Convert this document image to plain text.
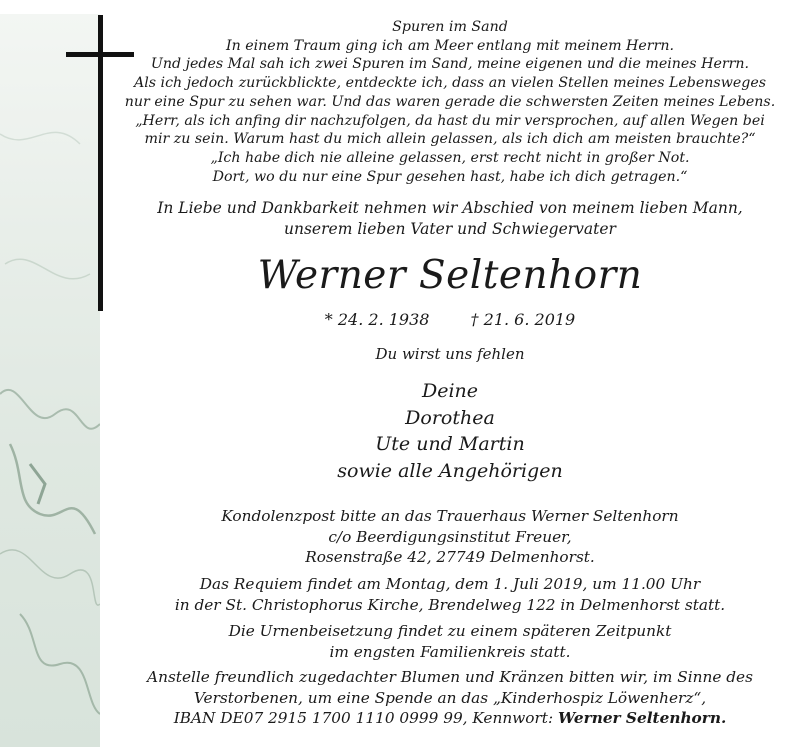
Spuren im Sand
In einem Traum ging ich am Meer entlang mit meinem Herrn.
Und jedes Mal sah ich zwei Spuren im Sand, meine eigenen und die meines Herrn.
Als ich jedoch zurückblickte, entdeckte ich, dass an vielen Stellen meines Lebensweges
nur eine Spur zu sehen war. Und das waren gerade die schwersten Zeiten meines Lebens.
„Herr, als ich anfing dir nachzufolgen, da hast du mir versprochen, auf allen Wegen bei
mir zu sein. Warum hast du mich allein gelassen, als ich dich am meisten brauchte?“
„Ich habe dich nie alleine gelassen, erst recht nicht in großer Not.
Dort, wo du nur eine Spur gesehen hast, habe ich dich getragen.“
In Liebe und Dankbarkeit nehmen wir Abschied von meinem lieben Mann,
unserem lieben Vater und Schwiegervater
Werner Seltenhorn
* 24. 2. 1938	† 21. 6. 2019
Du wirst uns fehlen
Deine
Dorothea
Ute und Martin
sowie alle Angehörigen
Kondolenzpost bitte an das Trauerhaus Werner Seltenhorn
c/o Beerdigungsinstitut Freuer,
Rosenstraße 42, 27749 Delmenhorst.
Das Requiem findet am Montag, dem 1. Juli 2019, um 11.00 Uhr
in der St. Christophorus Kirche, Brendelweg 122 in Delmenhorst statt.
Die Urnenbeisetzung findet zu einem späteren Zeitpunkt
im engsten Familienkreis statt.
Anstelle freundlich zugedachter Blumen und Kränzen bitten wir, im Sinne des
Verstorbenen, um eine Spende an das „Kinderhospiz Löwenherz“,
IBAN DE07 2915 1700 1110 0999 99, Kennwort: Werner Seltenhorn.
